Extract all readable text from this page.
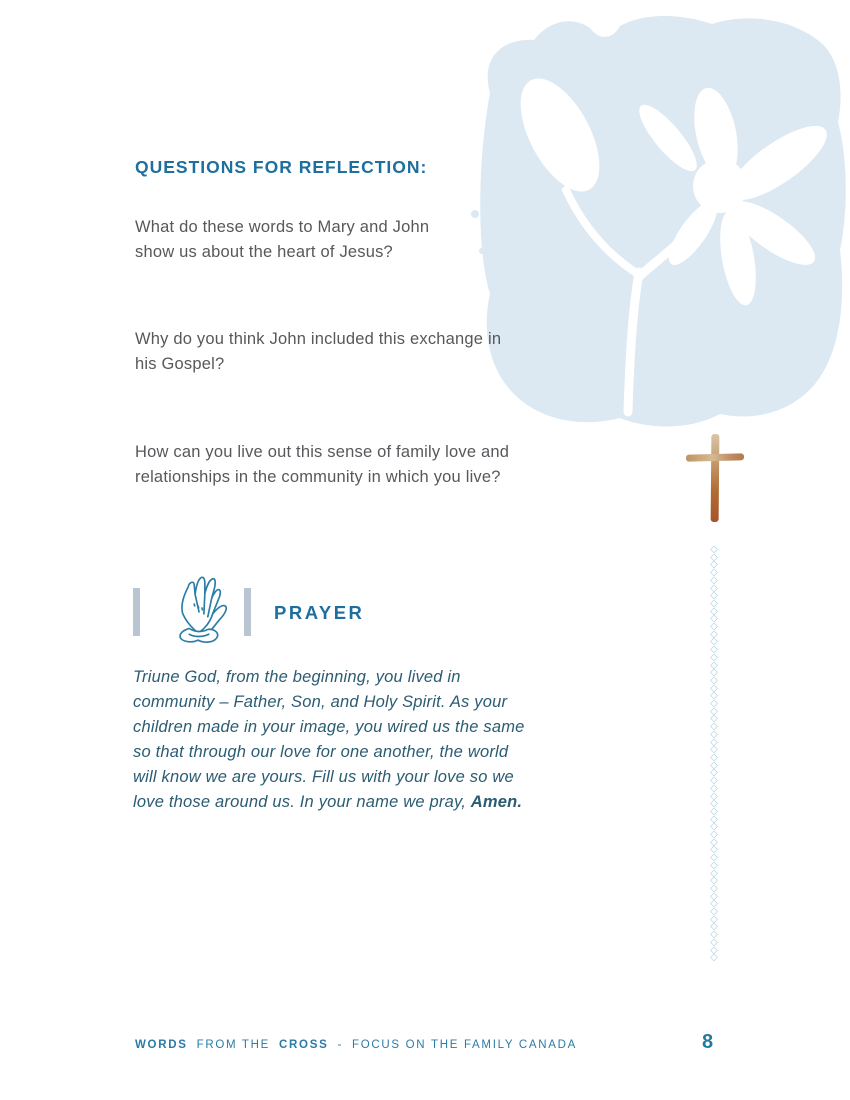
◇
◇
◇
◇
◇
◇
◇
◇
◇
◇
◇
◇
◇
◇
◇
◇
◇
◇
◇
◇
◇
◇
◇
◇
◇
◇
◇
◇
◇
◇
◇
◇
◇
◇
◇
◇
◇
◇
◇
◇
◇
◇
◇
◇
◇
◇
◇
◇
◇
◇
◇
◇
◇
◇
QUESTIONS FOR REFLECTION:

What do these words to Mary and John show us about the heart of Jesus?

Why do you think John included this exchange in his Gospel?

How can you live out this sense of family love and relationships in the community in which you live?

PRAYER

Triune God, from the beginning, you lived in community – Father, Son, and Holy Spirit. As your children made in your image, you wired us the same so that through our love for one another, the world will know we are yours. Fill us with your love so we love those around us. In your name we pray, Amen.

WORDS FROM THE CROSS - FOCUS ON THE FAMILY CANADA	8
